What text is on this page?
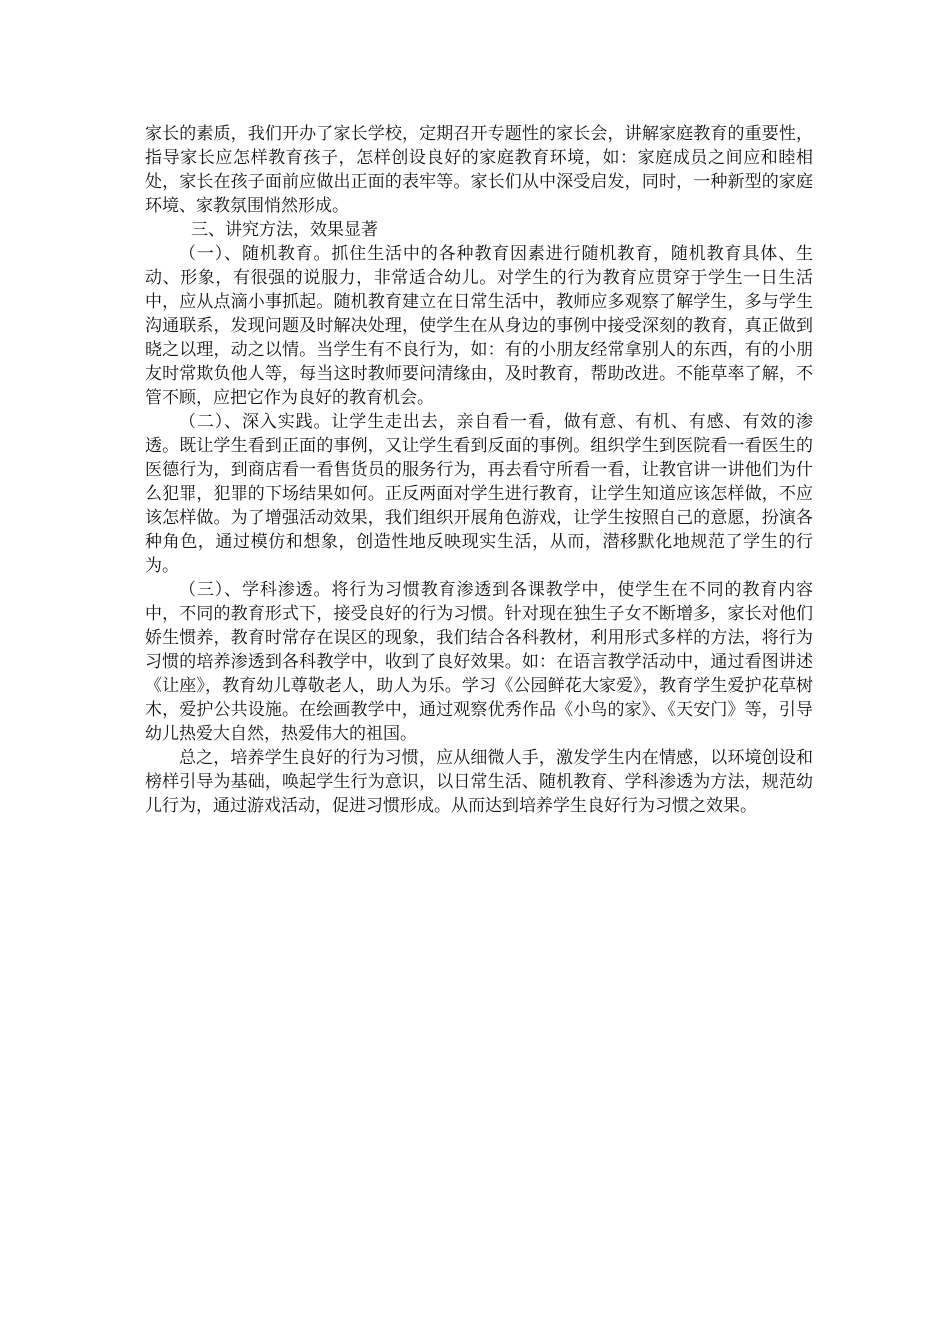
家长的素质，我们开办了家长学校，定期召开专题性的家长会，讲解家庭教育的重要性，指导家长应怎样教育孩子，怎样创设良好的家庭教育环境，如：家庭成员之间应和睦相处，家长在孩子面前应做出正面的表牢等。家长们从中深受启发，同时，一种新型的家庭环境、家教氛围悄然形成。

三、讲究方法，效果显著

（一）、随机教育。抓住生活中的各种教育因素进行随机教育，随机教育具体、生动、形象，有很强的说服力，非常适合幼儿。对学生的行为教育应贯穿于学生一日生活中，应从点滴小事抓起。随机教育建立在日常生活中，教师应多观察了解学生，多与学生沟通联系，发现问题及时解决处理，使学生在从身边的事例中接受深刻的教育，真正做到晓之以理，动之以情。当学生有不良行为，如：有的小朋友经常拿别人的东西，有的小朋友时常欺负他人等，每当这时教师要问清缘由，及时教育，帮助改进。不能草率了解，不管不顾，应把它作为良好的教育机会。

（二）、深入实践。让学生走出去，亲自看一看，做有意、有机、有感、有效的渗透。既让学生看到正面的事例，又让学生看到反面的事例。组织学生到医院看一看医生的医德行为，到商店看一看售货员的服务行为，再去看守所看一看，让教官讲一讲他们为什么犯罪，犯罪的下场结果如何。正反两面对学生进行教育，让学生知道应该怎样做，不应该怎样做。为了增强活动效果，我们组织开展角色游戏，让学生按照自己的意愿，扮演各种角色，通过模仿和想象，创造性地反映现实生活，从而，潜移默化地规范了学生的行为。

（三）、学科渗透。将行为习惯教育渗透到各课教学中，使学生在不同的教育内容中，不同的教育形式下，接受良好的行为习惯。针对现在独生子女不断增多，家长对他们娇生惯养，教育时常存在误区的现象，我们结合各科教材，利用形式多样的方法，将行为习惯的培养渗透到各科教学中，收到了良好效果。如：在语言教学活动中，通过看图讲述《让座》，教育幼儿尊敬老人，助人为乐。学习《公园鲜花大家爱》，教育学生爱护花草树木，爱护公共设施。在绘画教学中，通过观察优秀作品《小鸟的家》、《天安门》等，引导幼儿热爱大自然，热爱伟大的祖国。

总之，培养学生良好的行为习惯，应从细微人手，激发学生内在情感，以环境创设和榜样引导为基础，唤起学生行为意识，以日常生活、随机教育、学科渗透为方法，规范幼儿行为，通过游戏活动，促进习惯形成。从而达到培养学生良好行为习惯之效果。
